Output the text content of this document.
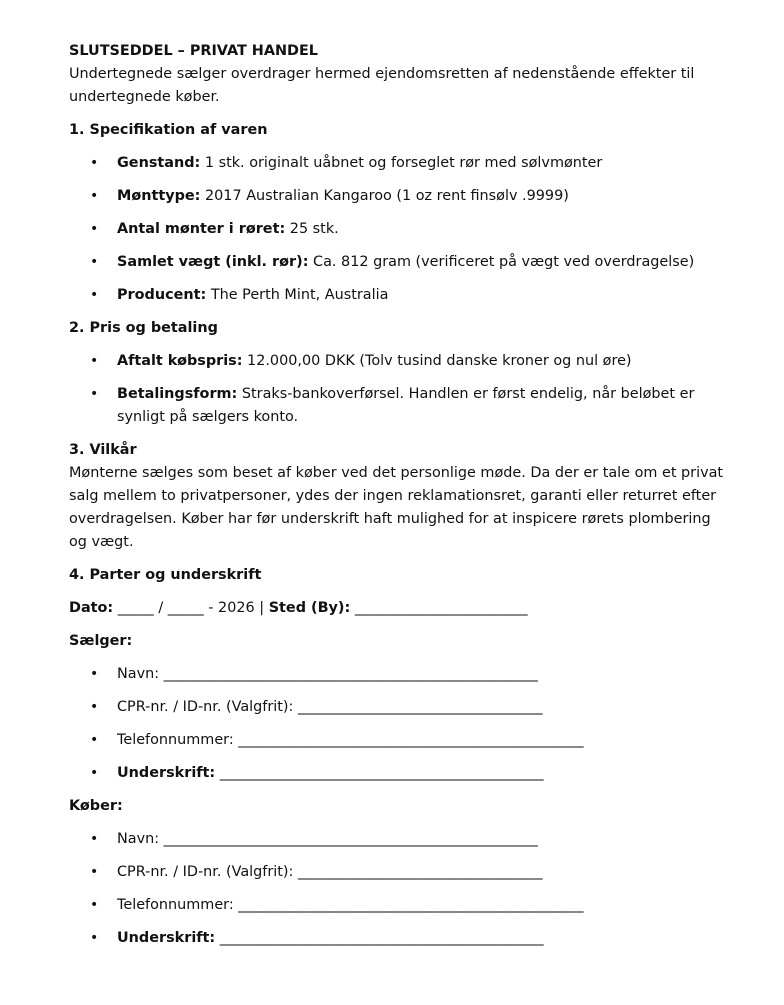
SLUTSEDDEL – PRIVAT HANDEL

Undertegnede sælger overdrager hermed ejendomsretten af nedenstående effekter til undertegnede køber.

1. Specifikation af varen
• Genstand: 1 stk. originalt uåbnet og forseglet rør med sølvmønter
• Mønttype: 2017 Australian Kangaroo (1 oz rent finsølv .9999)
• Antal mønter i røret: 25 stk.
• Samlet vægt (inkl. rør): Ca. 812 gram (verificeret på vægt ved overdragelse)
• Producent: The Perth Mint, Australia
2. Pris og betaling
• Aftalt købspris: 12.000,00 DKK (Tolv tusind danske kroner og nul øre)
• Betalingsform: Straks-bankoverførsel. Handlen er først endelig, når beløbet er synligt på sælgers konto.
3. Vilkår

Mønterne sælges som beset af køber ved det personlige møde. Da der er tale om et privat salg mellem to privatpersoner, ydes der ingen reklamationsret, garanti eller returret efter overdragelsen. Køber har før underskrift haft mulighed for at inspicere rørets plombering og vægt.

4. Parter og underskrift
Dato: _____ / _____ - 2026 | Sted (By): ________________________
Sælger:
• Navn: ____________________________________________________
• CPR-nr. / ID-nr. (Valgfrit): __________________________________
• Telefonnummer: ________________________________________________
• Underskrift: _____________________________________________
Køber:
• Navn: ____________________________________________________
• CPR-nr. / ID-nr. (Valgfrit): __________________________________
• Telefonnummer: ________________________________________________
• Underskrift: _____________________________________________
